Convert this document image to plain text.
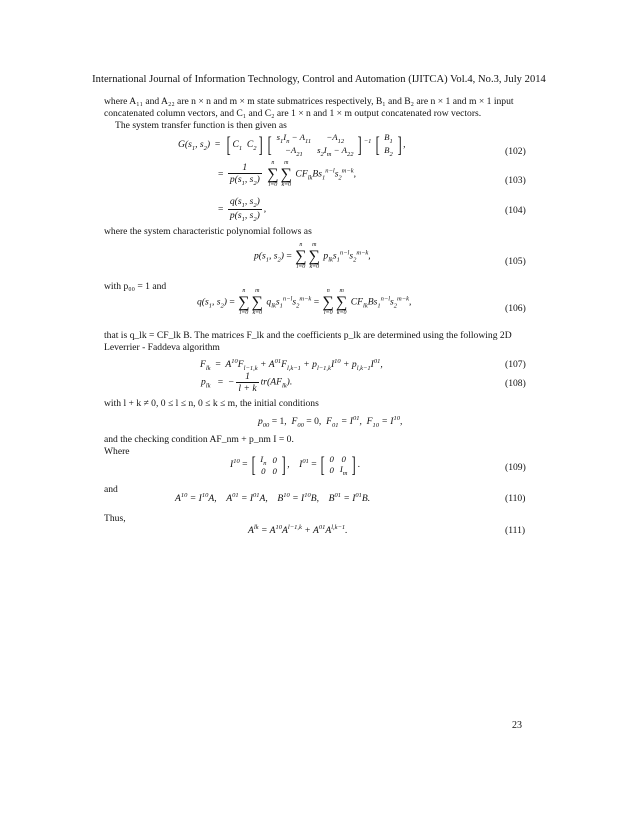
International Journal of Information Technology, Control and Automation (IJITCA) Vol.4, No.3, July 2014
where A₁₁ and A₂₂ are n × n and m × m state submatrices respectively, B₁ and B₂ are n × 1 and m × 1 input concatenated column vectors, and C₁ and C₂ are 1 × n and 1 × m output concatenated row vectors.
The system transfer function is then given as
$G(s_1$, $s_2$)  = [ $C_1$  $C_2$] [ $s_1I_n - A_{11}$	$-A_{12}$
$-A_{21}$	$s_2I_m - A_{22}$ ] $^{-1}$ [ $B_1$
$B_2$ ] ,
(102)
= $\frac{1}{p(s_1, s_2)}$
	n
∑
l=0
m
∑
k=0
$CF_{lk}Bs_1^{n-l}s_2^{m-k}$,
(103)
= $\frac{q(s_1, s_2)}{p(s_1, s_2)}$ ,	(104)
where the system characteristic polynomial follows as
$p(s_1$, $s_2$) =
n
∑
l=0
m
∑
k=0
$p_{lk}s_1^{n-l}s_2^{m-k}$,	(105)
with p₀₀ = 1 and
$q(s_1$, $s_2$) =
n
∑
l=0
m
∑
k=0
$q_{lk}s_1^{n-l}s_2^{m-k}$ =
n
∑
l=0
m
∑
k=0
$CF_{lk}Bs_1^{n-l}s_2^{m-k}$,
(106)
that is q_lk = CF_lk B. The matrices F_lk and the coefficients p_lk are determined using the following 2D Leverrier - Faddeva algorithm
$F_{lk} = A^{10}F_{l-1,k} + A^{01}F_{l,k-1} + p_{l-1,k}I^{10} + p_{l,k-1}I^{01}$,	(107)
$p_{lk}$ =  − $\frac{1}{l + k} tr(AF_{lk})$.	(108)
with l + k ≠ 0, 0 ≤ l ≤ n, 0 ≤ k ≤ m, the initial conditions
$p_{00} = 1$,  $F_{00} = 0$,  $F_{01} = I^{01}$,  $F_{10} = I^{10}$,
and the checking condition AF_nm + p_nm I = 0.
Where
$I^{10}$ = [ $I_n$	0
0	0 ] ,    $I^{01}$ = [ 0	0
0	$I_m$ ] .	(109)
and
$A^{10} = I^{10}A$,    $A^{01} = I^{01}A$,    $B^{10} = I^{10}B$,    $B^{01} = I^{01}B$.	(110)
Thus,
$A^{lk} = A^{10}A^{l-1,k} + A^{01}A^{l,k-1}$.	(111)
23
